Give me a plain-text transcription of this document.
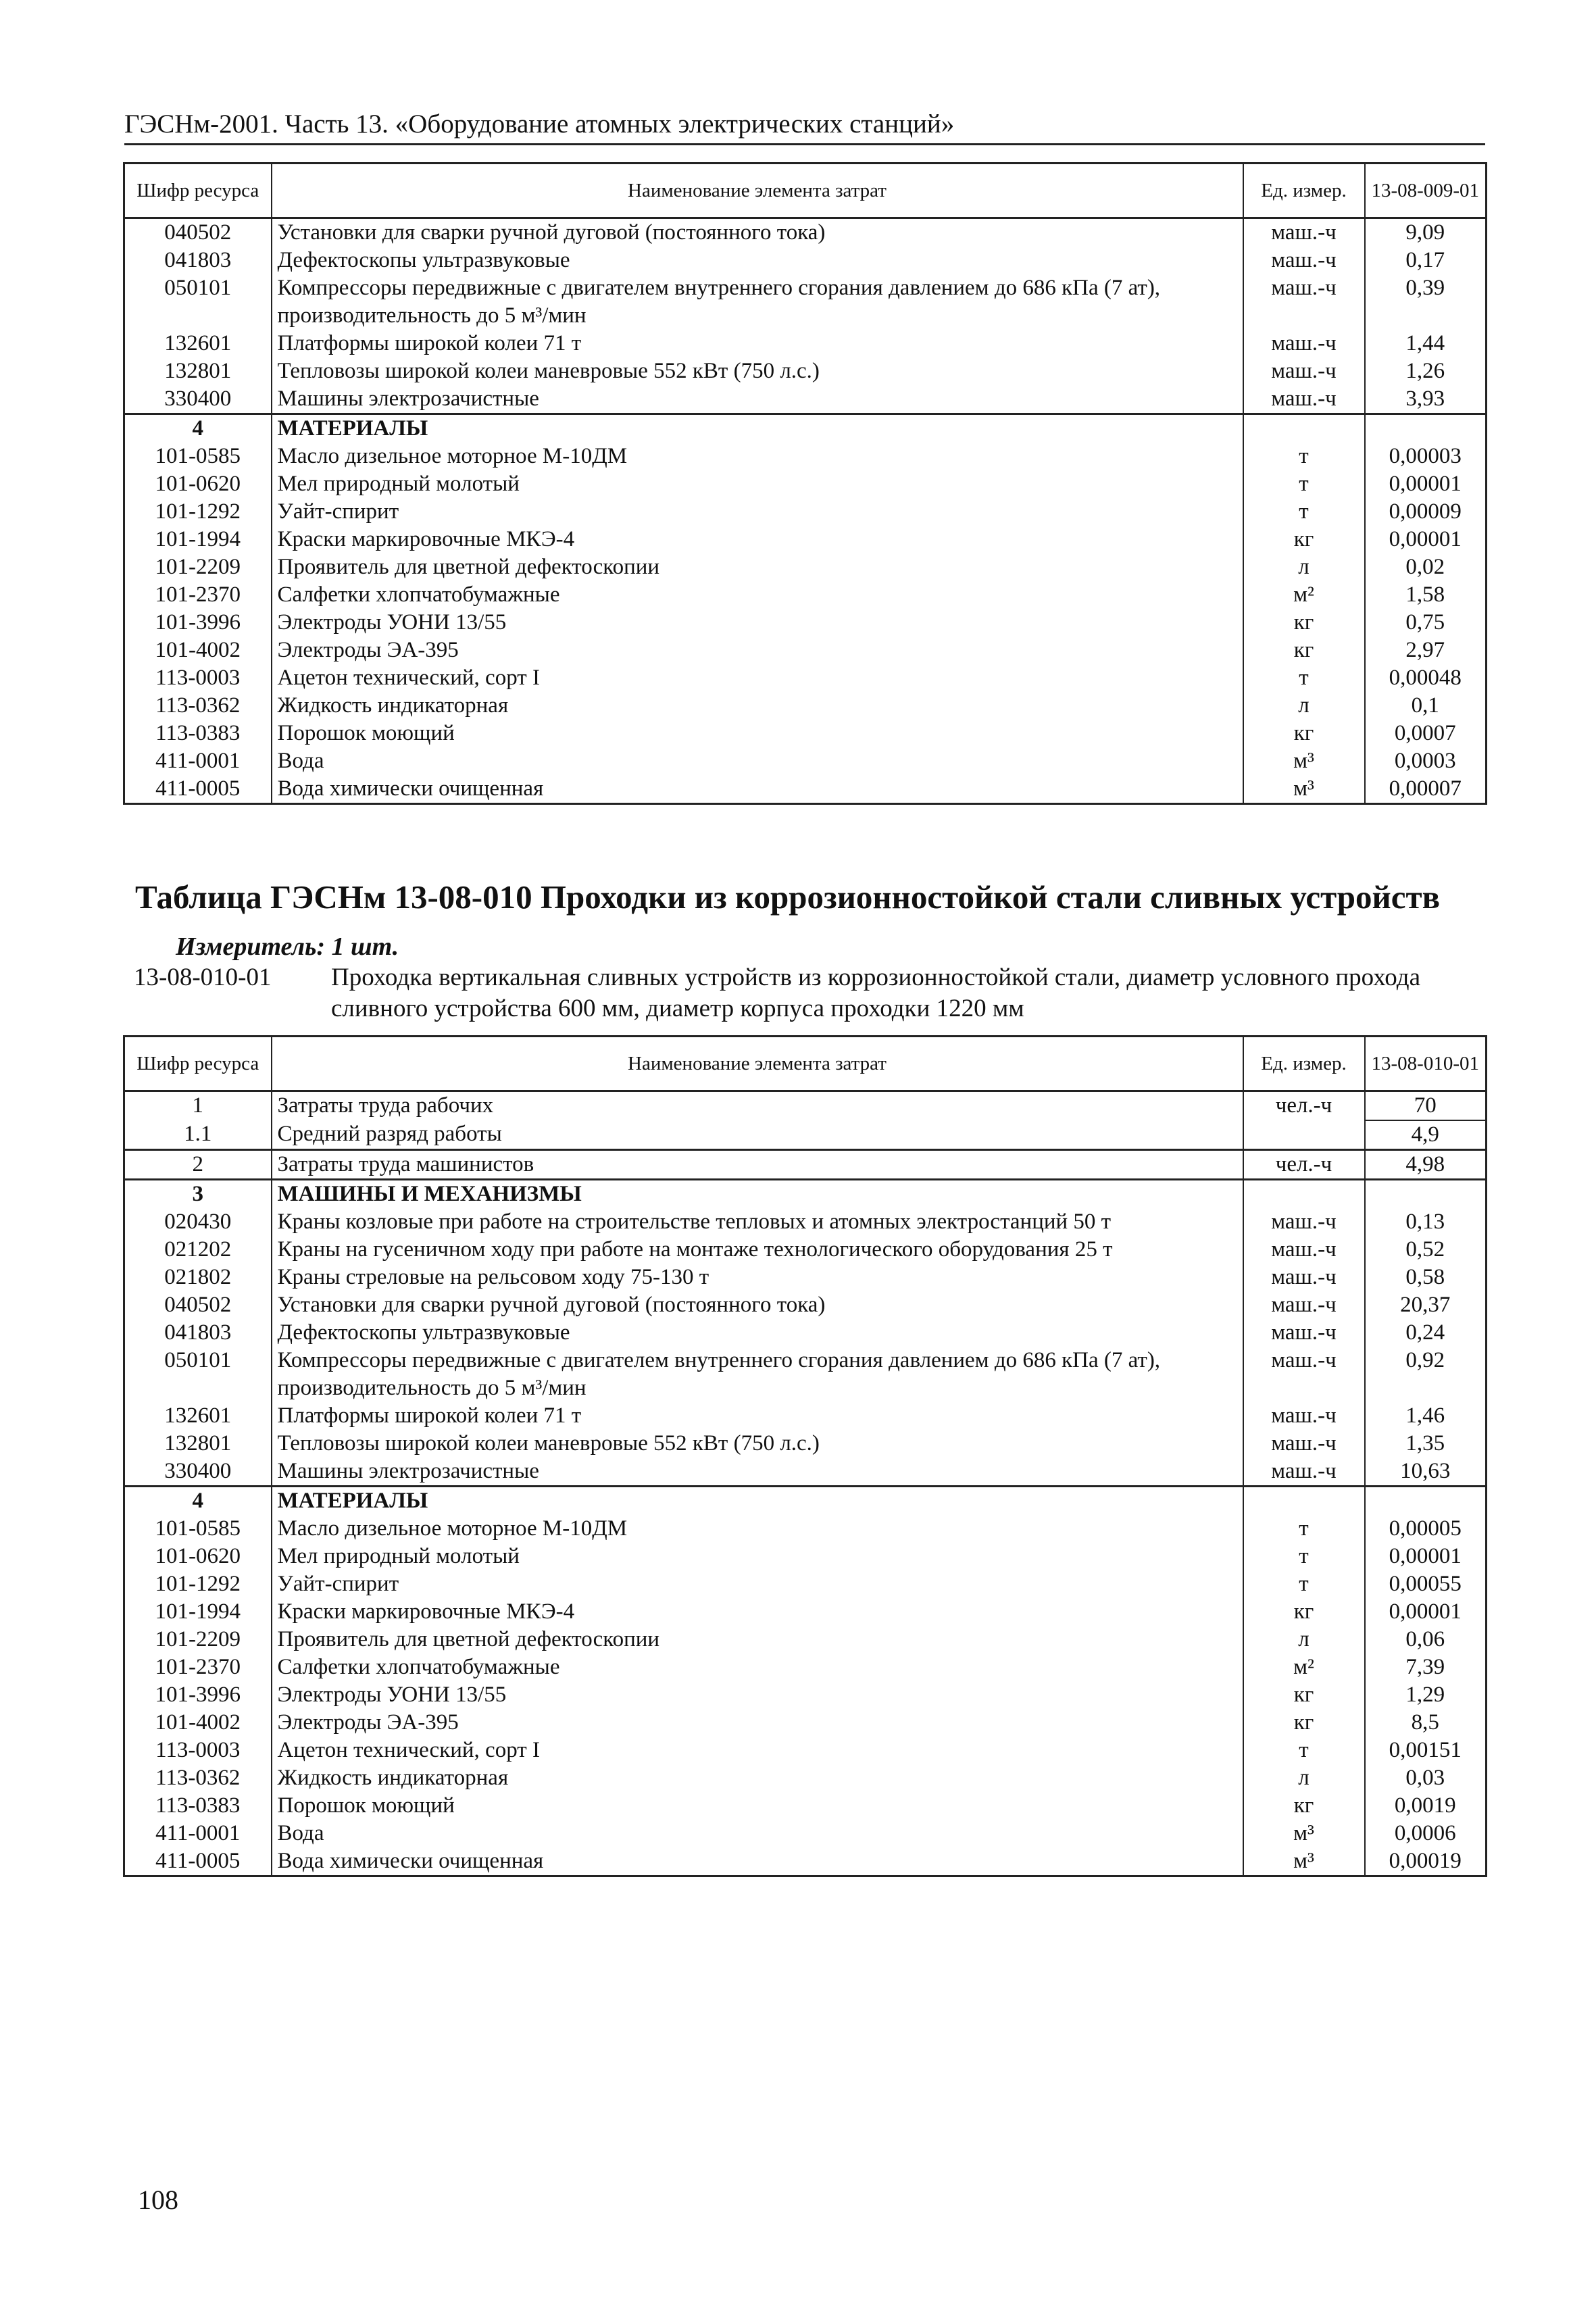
ГЭСНм-2001. Часть 13. «Оборудование атомных электрических станций»
Шифр ресурса	Наименование элемента затрат	Ед. измер.	13-08-009-01
040502	Установки для сварки ручной дуговой (постоянного тока)	маш.-ч	9,09
041803	Дефектоскопы ультразвуковые	маш.-ч	0,17
050101	Компрессоры передвижные с двигателем внутреннего сгорания давлением до 686 кПа (7 ат), производительность до 5 м³/мин	маш.-ч	0,39
132601	Платформы широкой колеи 71 т	маш.-ч	1,44
132801	Тепловозы широкой колеи маневровые 552 кВт (750 л.с.)	маш.-ч	1,26
330400	Машины электрозачистные	маш.-ч	3,93
4	МАТЕРИАЛЫ		
101-0585	Масло дизельное моторное М-10ДМ	т	0,00003
101-0620	Мел природный молотый	т	0,00001
101-1292	Уайт-спирит	т	0,00009
101-1994	Краски маркировочные МКЭ-4	кг	0,00001
101-2209	Проявитель для цветной дефектоскопии	л	0,02
101-2370	Салфетки хлопчатобумажные	м²	1,58
101-3996	Электроды УОНИ 13/55	кг	0,75
101-4002	Электроды ЭА-395	кг	2,97
113-0003	Ацетон технический, сорт I	т	0,00048
113-0362	Жидкость индикаторная	л	0,1
113-0383	Порошок моющий	кг	0,0007
411-0001	Вода	м³	0,0003
411-0005	Вода химически очищенная	м³	0,00007
Таблица ГЭСНм 13-08-010 Проходки из коррозионностойкой стали сливных устройств
Измеритель: 1 шт.
13-08-010-01 Проходка вертикальная сливных устройств из коррозионностойкой стали, диаметр условного прохода сливного устройства 600 мм, диаметр корпуса проходки 1220 мм
Шифр ресурса	Наименование элемента затрат	Ед. измер.	13-08-010-01
1	Затраты труда рабочих	чел.-ч	70
1.1	Средний разряд работы		4,9
2	Затраты труда машинистов	чел.-ч	4,98
3	МАШИНЫ И МЕХАНИЗМЫ		
020430	Краны козловые при работе на строительстве тепловых и атомных электростанций 50 т	маш.-ч	0,13
021202	Краны на гусеничном ходу при работе на монтаже технологического оборудования 25 т	маш.-ч	0,52
021802	Краны стреловые на рельсовом ходу 75-130 т	маш.-ч	0,58
040502	Установки для сварки ручной дуговой (постоянного тока)	маш.-ч	20,37
041803	Дефектоскопы ультразвуковые	маш.-ч	0,24
050101	Компрессоры передвижные с двигателем внутреннего сгорания давлением до 686 кПа (7 ат), производительность до 5 м³/мин	маш.-ч	0,92
132601	Платформы широкой колеи 71 т	маш.-ч	1,46
132801	Тепловозы широкой колеи маневровые 552 кВт (750 л.с.)	маш.-ч	1,35
330400	Машины электрозачистные	маш.-ч	10,63
4	МАТЕРИАЛЫ		
101-0585	Масло дизельное моторное М-10ДМ	т	0,00005
101-0620	Мел природный молотый	т	0,00001
101-1292	Уайт-спирит	т	0,00055
101-1994	Краски маркировочные МКЭ-4	кг	0,00001
101-2209	Проявитель для цветной дефектоскопии	л	0,06
101-2370	Салфетки хлопчатобумажные	м²	7,39
101-3996	Электроды УОНИ 13/55	кг	1,29
101-4002	Электроды ЭА-395	кг	8,5
113-0003	Ацетон технический, сорт I	т	0,00151
113-0362	Жидкость индикаторная	л	0,03
113-0383	Порошок моющий	кг	0,0019
411-0001	Вода	м³	0,0006
411-0005	Вода химически очищенная	м³	0,00019
108
